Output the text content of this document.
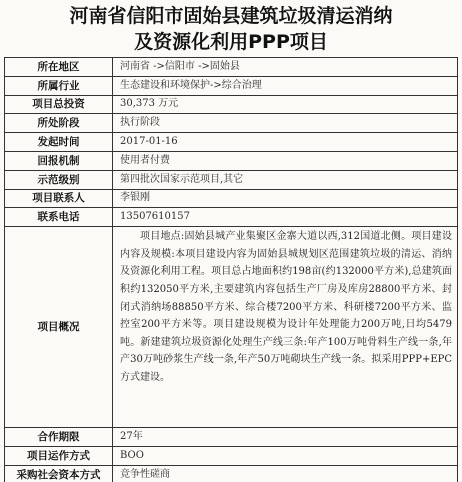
河南省信阳市固始县建筑垃圾清运消纳
及资源化利用PPP项目
所在地区	河南省 ->信阳市 ->固始县
所属行业	生态建设和环境保护->综合治理
项目总投资	30,373 万元
所处阶段	执行阶段
发起时间	2017-01-16
回报机制	使用者付费
示范级别	第四批次国家示范项目,其它
项目联系人	李银刚
联系电话	13507610157
项目概况	项目地点:固始县城产业集聚区金寨大道以西,312国道北侧。项目建设内容及规模:本项目建设内容为固始县城规划区范围建筑垃圾的清运、消纳及资源化利用工程。项目总占地面积约198亩(约132000平方米),总建筑面积约132050平方米,主要建筑内容包括生产厂房及库房28800平方米、封闭式消纳场88850平方米、综合楼7200平方米、科研楼7200平方米、监控室200平方米等。项目建设规模为设计年处理能力200万吨,日均5479吨。新建建筑垃圾资源化处理生产线三条:年产100万吨骨料生产线一条,年产30万吨砂浆生产线一条,年产50万吨砌块生产线一条。拟采用PPP+EPC方式建设。

合作期限	27年
项目运作方式	BOO
采购社会资本方式	竞争性磋商
